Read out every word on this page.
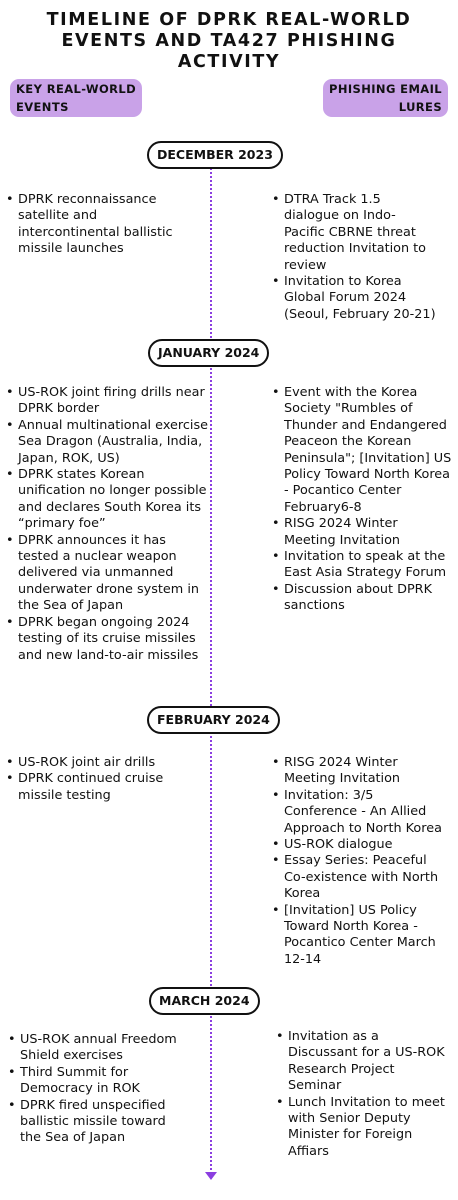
TIMELINE OF DPRK REAL-WORLD
EVENTS AND TA427 PHISHING
ACTIVITY
KEY REAL-WORLD
EVENTS
PHISHING EMAIL
LURES
DECEMBER 2023
• DPRK reconnaissance satellite and intercontinental ballistic missile launches
• DTRA Track 1.5 dialogue on Indo-Pacific CBRNE threat reduction Invitation to review
• Invitation to Korea Global Forum 2024 (Seoul, February 20-21)
JANUARY 2024
• US-ROK joint firing drills near DPRK border
• Annual multinational exercise Sea Dragon (Australia, India, Japan, ROK, US)
• DPRK states Korean unification no longer possible and declares South Korea its “primary foe”
• DPRK announces it has tested a nuclear weapon delivered via unmanned underwater drone system in the Sea of Japan
• DPRK began ongoing 2024 testing of its cruise missiles and new land-to-air missiles
• Event with the Korea Society "Rumbles of Thunder and Endangered Peaceon the Korean Peninsula"; [Invitation] US Policy Toward North Korea - Pocantico Center February6-8
• RISG 2024 Winter Meeting Invitation
• Invitation to speak at the East Asia Strategy Forum
• Discussion about DPRK sanctions
FEBRUARY 2024
• US-ROK joint air drills
• DPRK continued cruise missile testing
• RISG 2024 Winter Meeting Invitation
• Invitation: 3/5 Conference - An Allied Approach to North Korea
• US-ROK dialogue
• Essay Series: Peaceful Co-existence with North Korea
• [Invitation] US Policy Toward North Korea - Pocantico Center March 12-14
MARCH 2024
• US-ROK annual Freedom Shield exercises
• Third Summit for Democracy in ROK
• DPRK fired unspecified ballistic missile toward the Sea of Japan
• Invitation as a Discussant for a US-ROK Research Project Seminar
• Lunch Invitation to meet with Senior Deputy Minister for Foreign Affiars
